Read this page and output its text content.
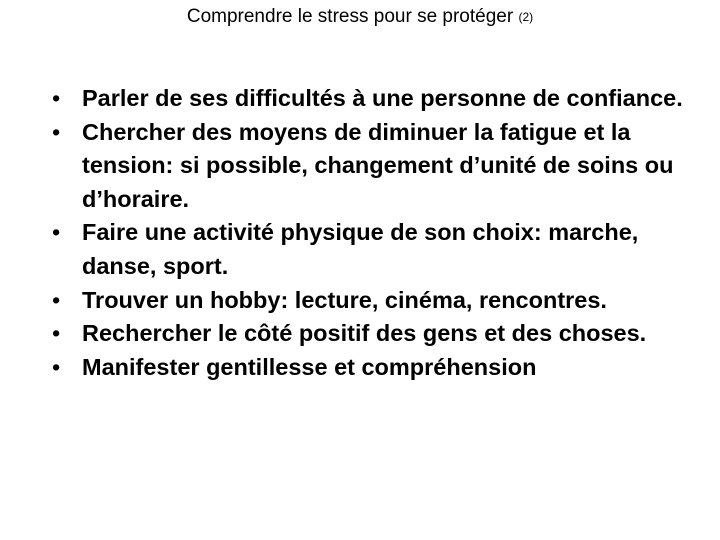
Comprendre le stress pour se protéger (2)
• Parler de ses difficultés à une personne de confiance.
• Chercher des moyens de diminuer la fatigue et la tension: si possible, changement d’unité de soins ou d’horaire.
• Faire une activité physique de son choix: marche, danse, sport.
• Trouver un hobby: lecture, cinéma, rencontres.
• Rechercher le côté positif des gens et des choses.
• Manifester gentillesse et compréhension
